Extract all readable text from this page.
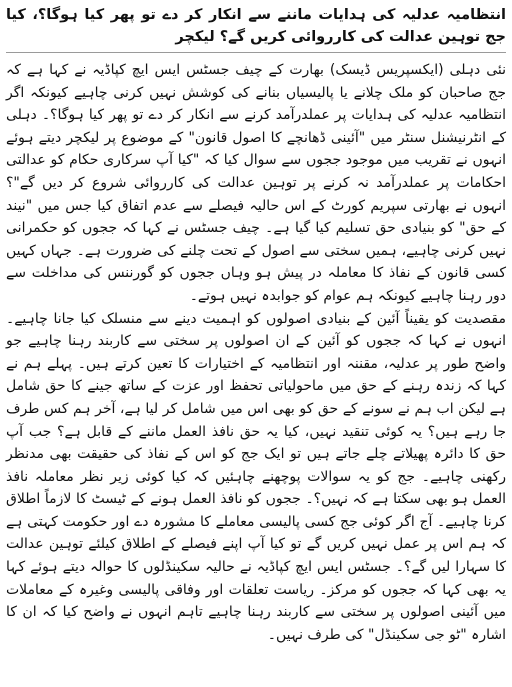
انتظامیہ عدلیہ کی ہدایات ماننے سے انکار کر دے تو پھر کیا ہوگا؟، کیا جج توہین عدالت کی کارروائی کریں گے؟ لیکچر

نئی دہلی (ایکسپریس ڈیسک) بھارت کے چیف جسٹس ایس ایچ کپاڈیہ نے کہا ہے کہ جج صاحبان کو ملک چلانے یا پالیسیاں بنانے کی کوشش نہیں کرنی چاہیے کیونکہ اگر انتظامیہ عدلیہ کی ہدایات پر عملدرآمد کرنے سے انکار کر دے تو پھر کیا ہوگا؟۔ دہلی کے انٹرنیشنل سنٹر میں "آئینی ڈھانچے کا اصول قانون" کے موضوع پر لیکچر دیتے ہوئے انہوں نے تقریب میں موجود ججوں سے سوال کیا کہ "کیا آپ سرکاری حکام کو عدالتی احکامات پر عملدرآمد نہ کرنے پر توہین عدالت کی کارروائی شروع کر دیں گے"؟ انہوں نے بھارتی سپریم کورٹ کے اس حالیہ فیصلے سے عدم اتفاق کیا جس میں "نیند کے حق" کو بنیادی حق تسلیم کیا گیا ہے۔ چیف جسٹس نے کہا کہ ججوں کو حکمرانی نہیں کرنی چاہیے، ہمیں سختی سے اصول کے تحت چلنے کی ضرورت ہے۔ جہاں کہیں کسی قانون کے نفاذ کا معاملہ در پیش ہو وہاں ججوں کو گورننس کی مداخلت سے دور رہنا چاہیے کیونکہ ہم عوام کو جوابدہ نہیں ہوتے۔

مقصدیت کو یقیناً آئین کے بنیادی اصولوں کو اہمیت دینے سے منسلک کیا جانا چاہیے۔ انہوں نے کہا کہ ججوں کو آئین کے ان اصولوں پر سختی سے کاربند رہنا چاہیے جو واضح طور پر عدلیہ، مقننہ اور انتظامیہ کے اختیارات کا تعین کرتے ہیں۔ پہلے ہم نے کہا کہ زندہ رہنے کے حق میں ماحولیاتی تحفظ اور عزت کے ساتھ جینے کا حق شامل ہے لیکن اب ہم نے سونے کے حق کو بھی اس میں شامل کر لیا ہے، آخر ہم کس طرف جا رہے ہیں؟ یہ کوئی تنقید نہیں، کیا یہ حق نافذ العمل ماننے کے قابل ہے؟ جب آپ حق کا دائرہ پھیلاتے چلے جاتے ہیں تو ایک جج کو اس کے نفاذ کی حقیقت بھی مدنظر رکھنی چاہیے۔ جج کو یہ سوالات پوچھنے چاہئیں کہ کیا کوئی زیر نظر معاملہ نافذ العمل ہو بھی سکتا ہے کہ نہیں؟۔ ججوں کو نافذ العمل ہونے کے ٹیسٹ کا لازماً اطلاق کرنا چاہیے۔ آج اگر کوئی جج کسی پالیسی معاملے کا مشورہ دے اور حکومت کہتی ہے کہ ہم اس پر عمل نہیں کریں گے تو کیا آپ اپنے فیصلے کے اطلاق کیلئے توہین عدالت کا سہارا لیں گے؟۔ جسٹس ایس ایچ کپاڈیہ نے حالیہ سکینڈلوں کا حوالہ دیتے ہوئے کہا یہ بھی کہا کہ ججوں کو مرکز۔ ریاست تعلقات اور وفاقی پالیسی وغیرہ کے معاملات میں آئینی اصولوں پر سختی سے کاربند رہنا چاہیے تاہم انہوں نے واضح کیا کہ ان کا اشارہ "ٹو جی سکینڈل" کی طرف نہیں۔
